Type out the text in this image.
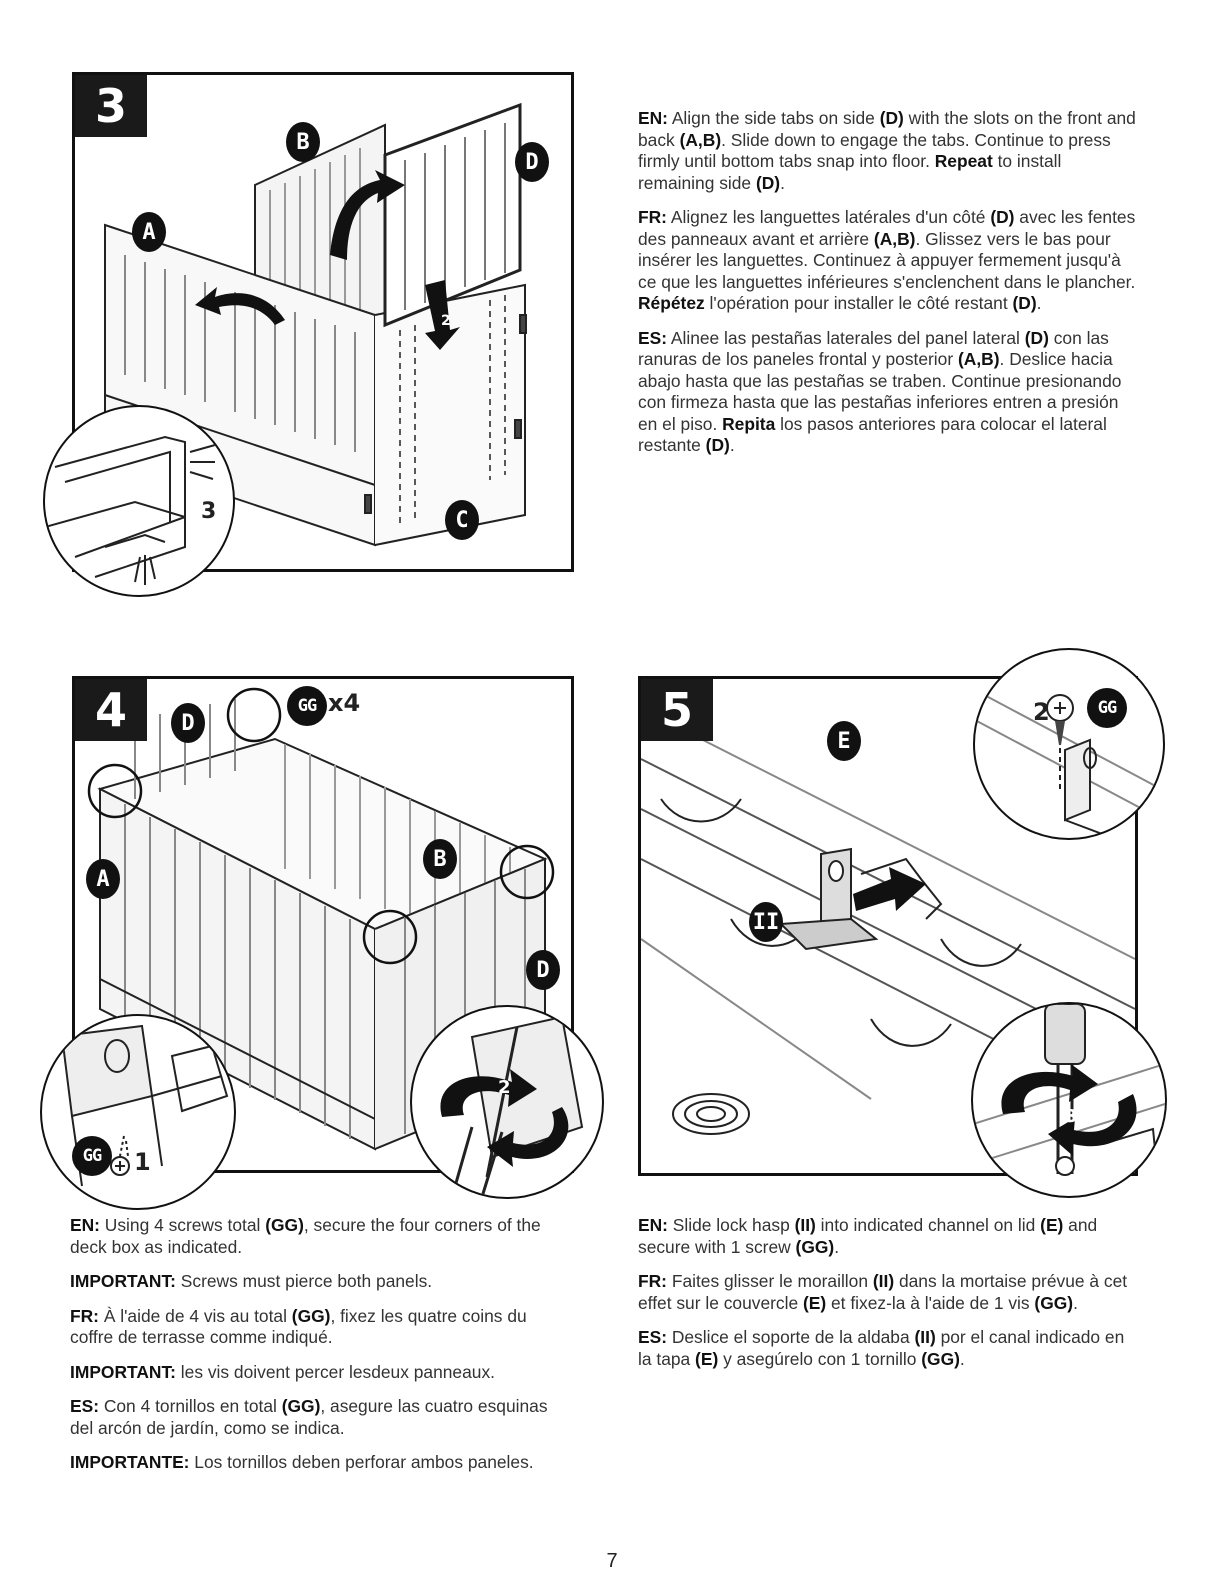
2
3
A
B
D
C
3

EN: Align the side tabs on side (D) with the slots on the front and back (A,B). Slide down to engage the tabs. Continue to press firmly until bottom tabs snap into floor. Repeat to install remaining side (D).

FR: Alignez les languettes latérales d'un côté (D) avec les fentes des panneaux avant et arrière (A,B). Glissez vers le bas pour insérer les languettes. Continuez à appuyer fermement jusqu'à ce que les languettes inférieures s'enclenchent dans le plancher. Répétez l'opération pour installer le côté restant (D).

ES: Alinee las pestañas laterales del panel lateral (D) con las ranuras de los paneles frontal y posterior (A,B). Deslice hacia abajo hasta que las pestañas se traben. Continue presionando con firmeza hasta que las pestañas inferiores entren a presión en el piso. Repita los pasos anteriores para colocar el lateral restante (D).

4	D
GG x4
A
B
D
GG	1
2

EN: Using 4 screws total (GG), secure the four corners of the deck box as indicated.

IMPORTANT: Screws must pierce both panels.

FR: À l'aide de 4 vis au total (GG), fixez les quatre coins du coffre de terrasse comme indiqué.

IMPORTANT: les vis doivent percer lesdeux panneaux.

ES: Con 4 tornillos en total (GG), asegure las cuatro esquinas del arcón de jardín, como se indica.

IMPORTANTE: Los tornillos deben perforar ambos paneles.

5
E
II
2	GG
3

EN: Slide lock hasp (II) into indicated channel on lid (E) and secure with 1 screw (GG).

FR: Faites glisser le moraillon (II) dans la mortaise prévue à cet effet sur le couvercle (E) et fixez-la à l'aide de 1 vis (GG).

ES: Deslice el soporte de la aldaba (II) por el canal indicado en la tapa (E) y asegúrelo con 1 tornillo (GG).

7
